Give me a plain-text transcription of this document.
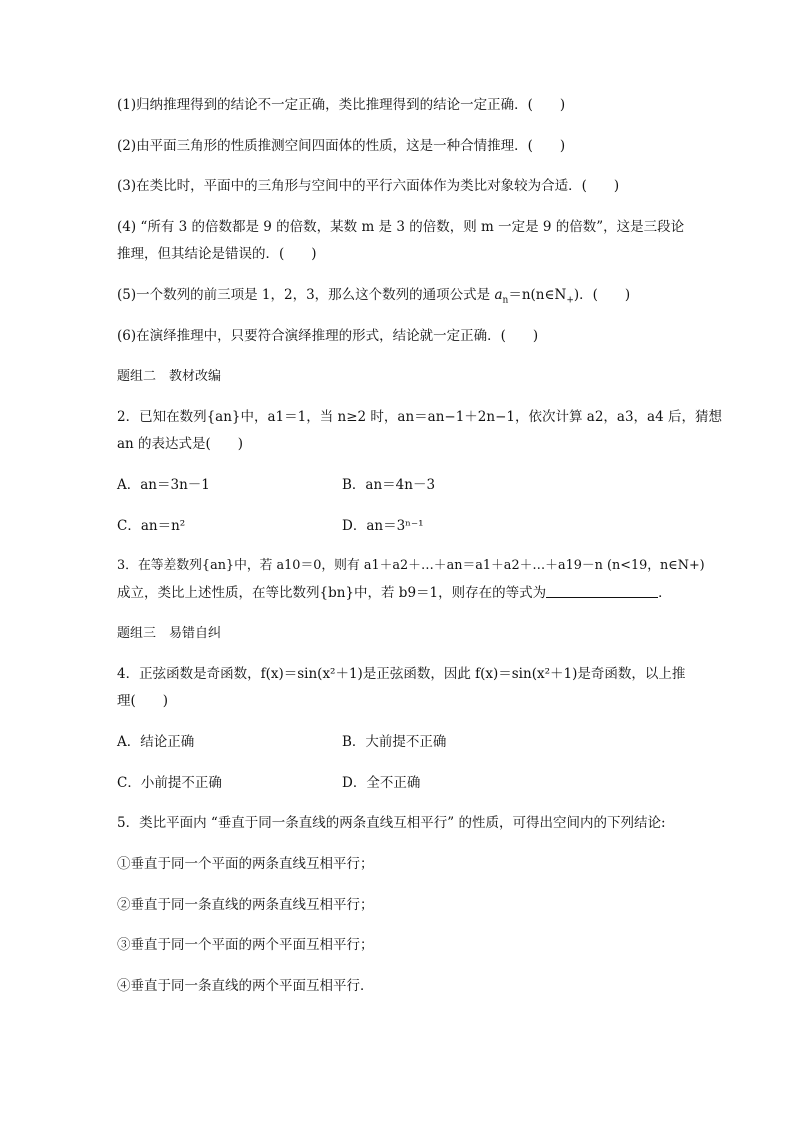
(1)归纳推理得到的结论不一定正确，类比推理得到的结论一定正确．(　　)
(2)由平面三角形的性质推测空间四面体的性质，这是一种合情推理．(　　)
(3)在类比时，平面中的三角形与空间中的平行六面体作为类比对象较为合适．(　　)
(4) “所有 3 的倍数都是 9 的倍数，某数 m 是 3 的倍数，则 m 一定是 9 的倍数”，这是三段论
推理，但其结论是错误的．(　　)
(5)一个数列的前三项是 1，2，3，那么这个数列的通项公式是 $a_n=n(n\in N_+)$．(　　)
(6)在演绎推理中，只要符合演绎推理的形式，结论就一定正确．(　　)
题组二　教材改编
2．已知在数列{an}中，a1＝1，当 n≥2 时，an＝an−1＋2n−1，依次计算 a2，a3，a4 后，猜想
an 的表达式是(　　)
A．an＝3n－1	B．an＝4n－3
C．an＝n²	D．an＝3ⁿ⁻¹
3．在等差数列{an}中，若 a10＝0，则有 a1＋a2＋…＋an＝a1＋a2＋…＋a19－n (n<19，n∈N+)
成立，类比上述性质，在等比数列{bn}中，若 b9＝1，则存在的等式为	．
题组三　易错自纠
4．正弦函数是奇函数，f(x)＝sin(x²＋1)是正弦函数，因此 f(x)＝sin(x²＋1)是奇函数，以上推
理(　　)
A．结论正确	B．大前提不正确
C．小前提不正确	D．全不正确
5．类比平面内 “垂直于同一条直线的两条直线互相平行” 的性质，可得出空间内的下列结论:
①垂直于同一个平面的两条直线互相平行；
②垂直于同一条直线的两条直线互相平行；
③垂直于同一个平面的两个平面互相平行；
④垂直于同一条直线的两个平面互相平行．
